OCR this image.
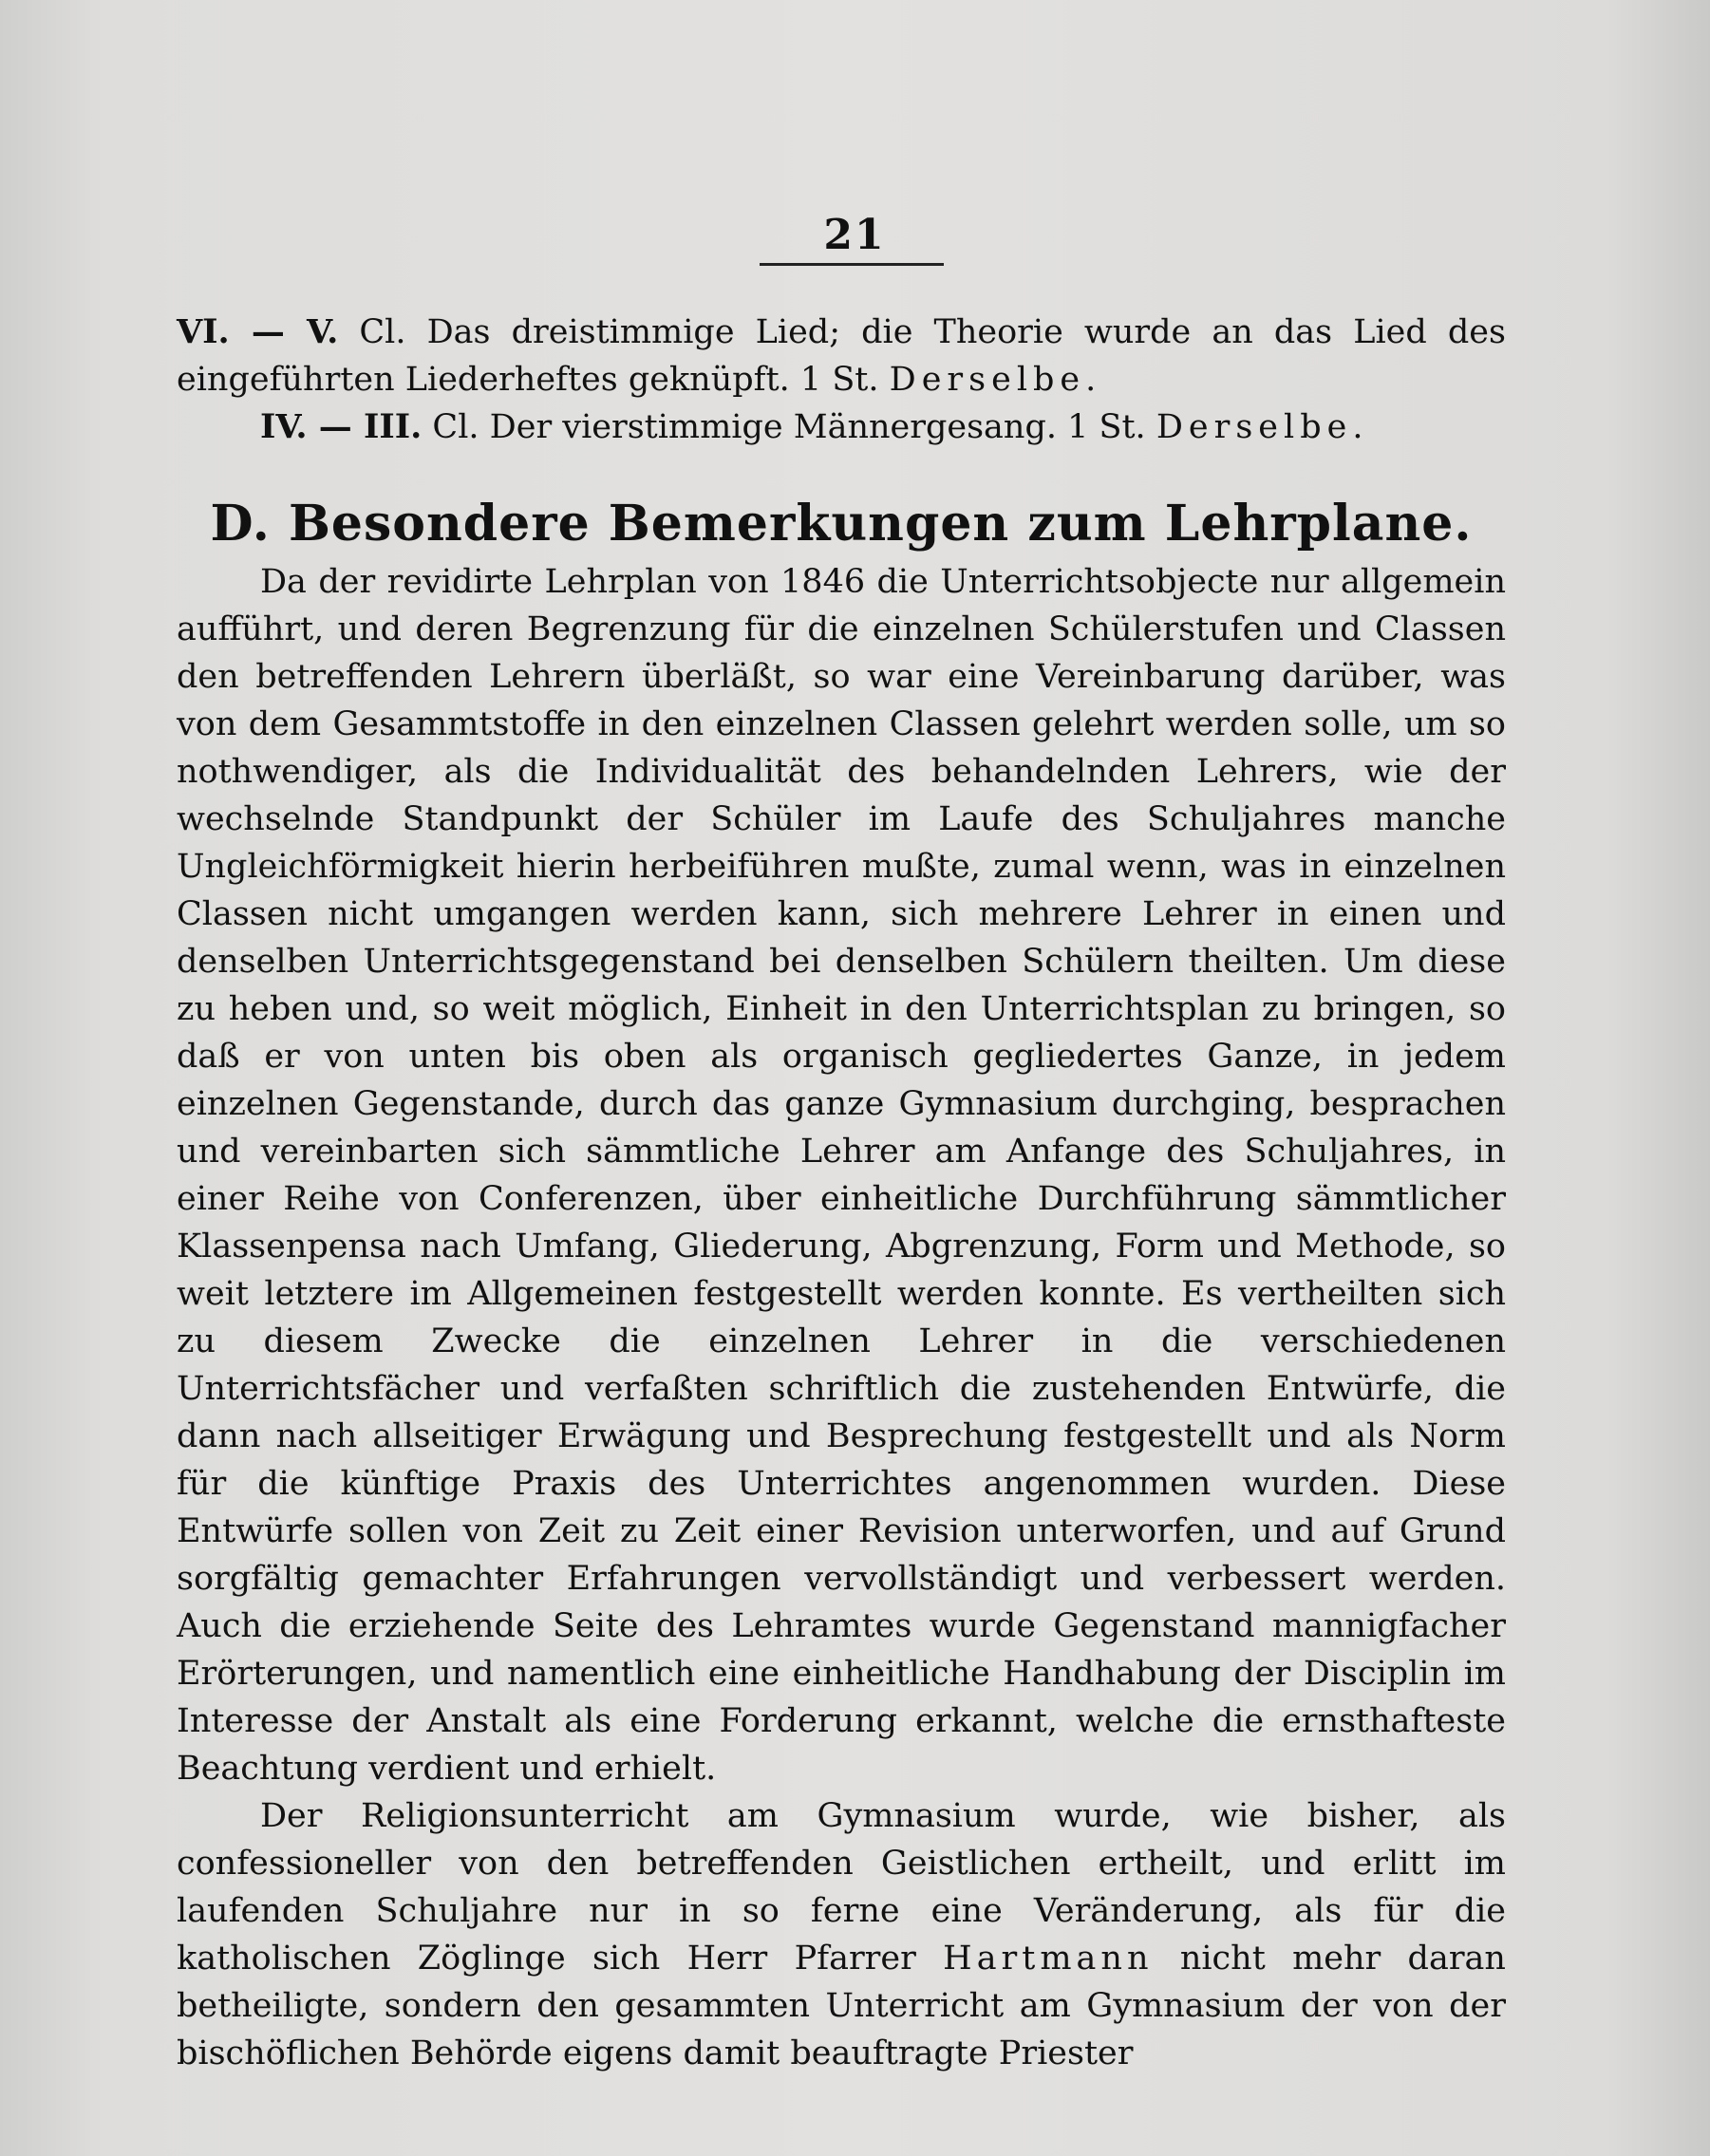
21
VI. — V. Cl. Das dreistimmige Lied; die Theorie wurde an das Lied des eingeführten Liederheftes geknüpft. 1 St. Derselbe.
IV. — III. Cl. Der vierstimmige Männergesang. 1 St. Derselbe.
D. Besondere Bemerkungen zum Lehrplane.

Da der revidirte Lehrplan von 1846 die Unterrichtsobjecte nur allgemein aufführt, und deren Begrenzung für die einzelnen Schülerstufen und Classen den betreffenden Lehrern überläßt, so war eine Vereinbarung darüber, was von dem Gesammtstoffe in den einzelnen Classen gelehrt werden solle, um so nothwendiger, als die Individualität des behandelnden Lehrers, wie der wechselnde Standpunkt der Schüler im Laufe des Schuljahres manche Ungleichförmigkeit hierin herbeiführen mußte, zumal wenn, was in einzelnen Classen nicht umgangen werden kann, sich mehrere Lehrer in einen und denselben Unterrichtsgegenstand bei denselben Schülern theilten. Um diese zu heben und, so weit möglich, Einheit in den Unterrichtsplan zu bringen, so daß er von unten bis oben als organisch gegliedertes Ganze, in jedem einzelnen Gegenstande, durch das ganze Gymnasium durchging, besprachen und vereinbarten sich sämmtliche Lehrer am Anfange des Schuljahres, in einer Reihe von Conferenzen, über einheitliche Durchführung sämmtlicher Klassenpensa nach Umfang, Gliederung, Abgrenzung, Form und Methode, so weit letztere im Allgemeinen festgestellt werden konnte. Es vertheilten sich zu diesem Zwecke die einzelnen Lehrer in die verschiedenen Unterrichtsfächer und verfaßten schriftlich die zustehenden Entwürfe, die dann nach allseitiger Erwägung und Besprechung festgestellt und als Norm für die künftige Praxis des Unterrichtes angenommen wurden. Diese Entwürfe sollen von Zeit zu Zeit einer Revision unterworfen, und auf Grund sorgfältig gemachter Erfahrungen vervollständigt und verbessert werden. Auch die erziehende Seite des Lehramtes wurde Gegenstand mannigfacher Erörterungen, und namentlich eine einheitliche Handhabung der Disciplin im Interesse der Anstalt als eine Forderung erkannt, welche die ernsthafteste Beachtung verdient und erhielt.

Der Religionsunterricht am Gymnasium wurde, wie bisher, als confessioneller von den betreffenden Geistlichen ertheilt, und erlitt im laufenden Schuljahre nur in so ferne eine Veränderung, als für die katholischen Zöglinge sich Herr Pfarrer Hartmann nicht mehr daran betheiligte, sondern den gesammten Unterricht am Gymnasium der von der bischöflichen Behörde eigens damit beauftragte Priester
